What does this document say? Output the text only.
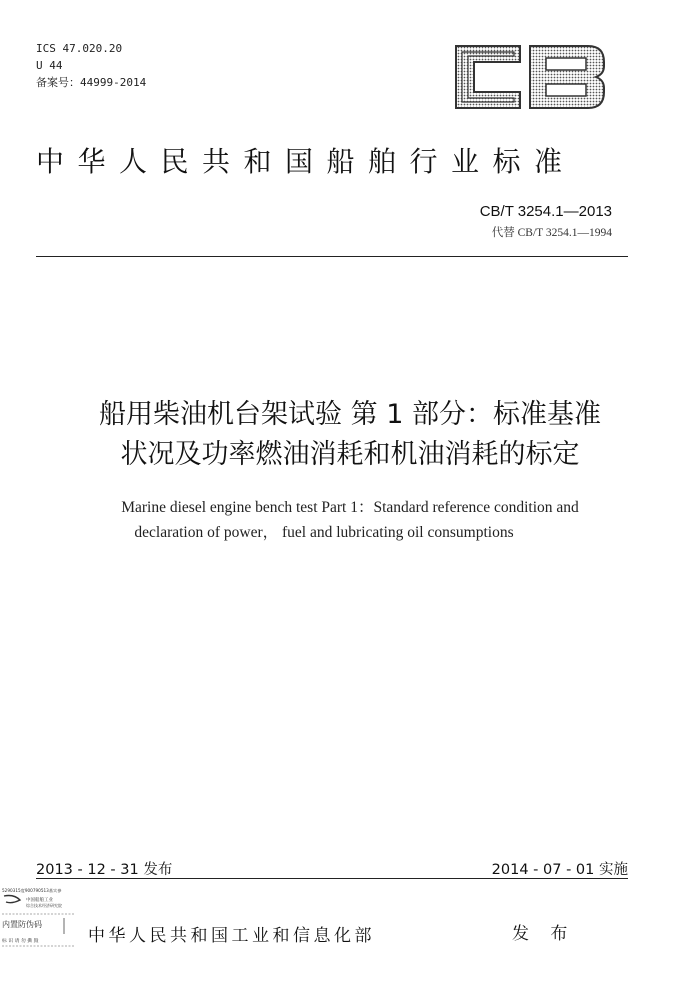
ICS 47.020.20
U 44
备案号：44999-2014
中华人民共和国船舶行业标准
CB/T 3254.1—2013
代替 CB/T 3254.1—1994
船用柴油机台架试验 第 1 部分：标准基准
状况及功率燃油消耗和机油消耗的标定
Marine diesel engine bench test Part 1：Standard reference condition and
declaration of power， fuel and lubricating oil consumptions
2013 - 12 - 31 发布	2014 - 07 - 01 实施
5290315度900790513基实参
中国船舶工业
综合技术经济研究院
内置防伪码
标 识 请 勿 撕 毁	中华人民共和国工业和信息化部	发 布
